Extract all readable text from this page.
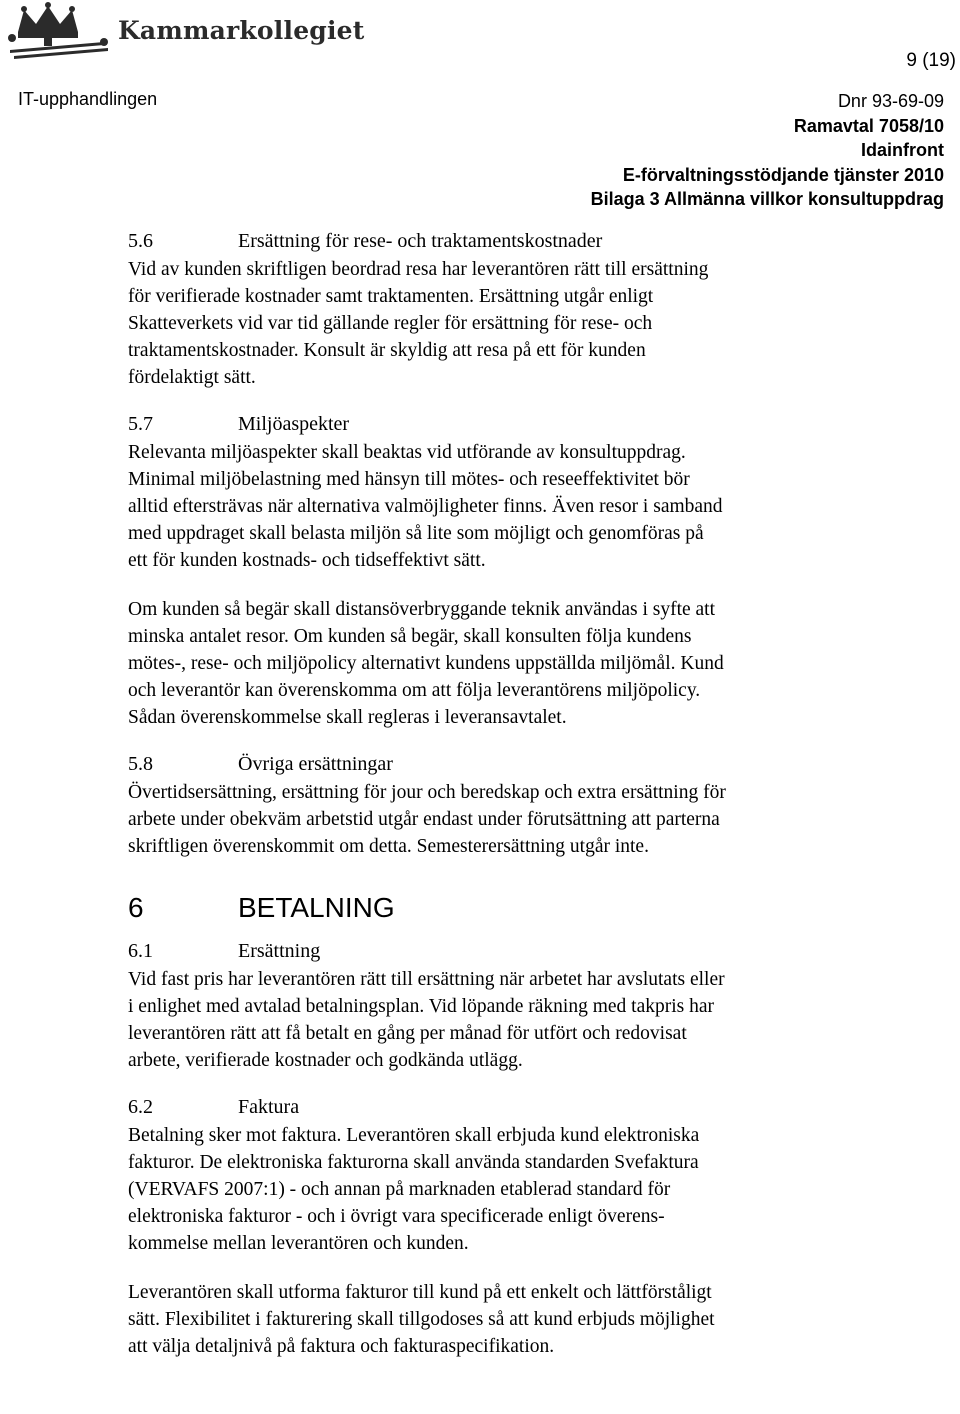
Kammarkollegiet
9 (19)
IT-upphandlingen	Dnr 93-69-09
Ramavtal 7058/10
Idainfront
E-förvaltningsstödjande tjänster 2010
Bilaga 3 Allmänna villkor konsultuppdrag
5.6	Ersättning för rese- och traktamentskostnader
Vid av kunden skriftligen beordrad resa har leverantören rätt till ersättning
för verifierade kostnader samt traktamenten. Ersättning utgår enligt
Skatteverkets vid var tid gällande regler för ersättning för rese- och
traktamentskostnader. Konsult är skyldig att resa på ett för kunden
fördelaktigt sätt.
5.7	Miljöaspekter
Relevanta miljöaspekter skall beaktas vid utförande av konsultuppdrag.
Minimal miljöbelastning med hänsyn till mötes- och reseeffektivitet bör
alltid eftersträvas när alternativa valmöjligheter finns. Även resor i samband
med uppdraget skall belasta miljön så lite som möjligt och genomföras på
ett för kunden kostnads- och tidseffektivt sätt.
Om kunden så begär skall distansöverbryggande teknik användas i syfte att
minska antalet resor. Om kunden så begär, skall konsulten följa kundens
mötes-, rese- och miljöpolicy alternativt kundens uppställda miljömål. Kund
och leverantör kan överenskomma om att följa leverantörens miljöpolicy.
Sådan överenskommelse skall regleras i leveransavtalet.
5.8	Övriga ersättningar
Övertidsersättning, ersättning för jour och beredskap och extra ersättning för
arbete under obekväm arbetstid utgår endast under förutsättning att parterna
skriftligen överenskommit om detta. Semesterersättning utgår inte.
6	BETALNING
6.1	Ersättning
Vid fast pris har leverantören rätt till ersättning när arbetet har avslutats eller
i enlighet med avtalad betalningsplan. Vid löpande räkning med takpris har
leverantören rätt att få betalt en gång per månad för utfört och redovisat
arbete, verifierade kostnader och godkända utlägg.
6.2	Faktura
Betalning sker mot faktura. Leverantören skall erbjuda kund elektroniska
fakturor. De elektroniska fakturorna skall använda standarden Svefaktura
(VERVAFS 2007:1) - och annan på marknaden etablerad standard för
elektroniska fakturor - och i övrigt vara specificerade enligt överens-
kommelse mellan leverantören och kunden.
Leverantören skall utforma fakturor till kund på ett enkelt och lättförståligt
sätt. Flexibilitet i fakturering skall tillgodoses så att kund erbjuds möjlighet
att välja detaljnivå på faktura och fakturaspecifikation.
